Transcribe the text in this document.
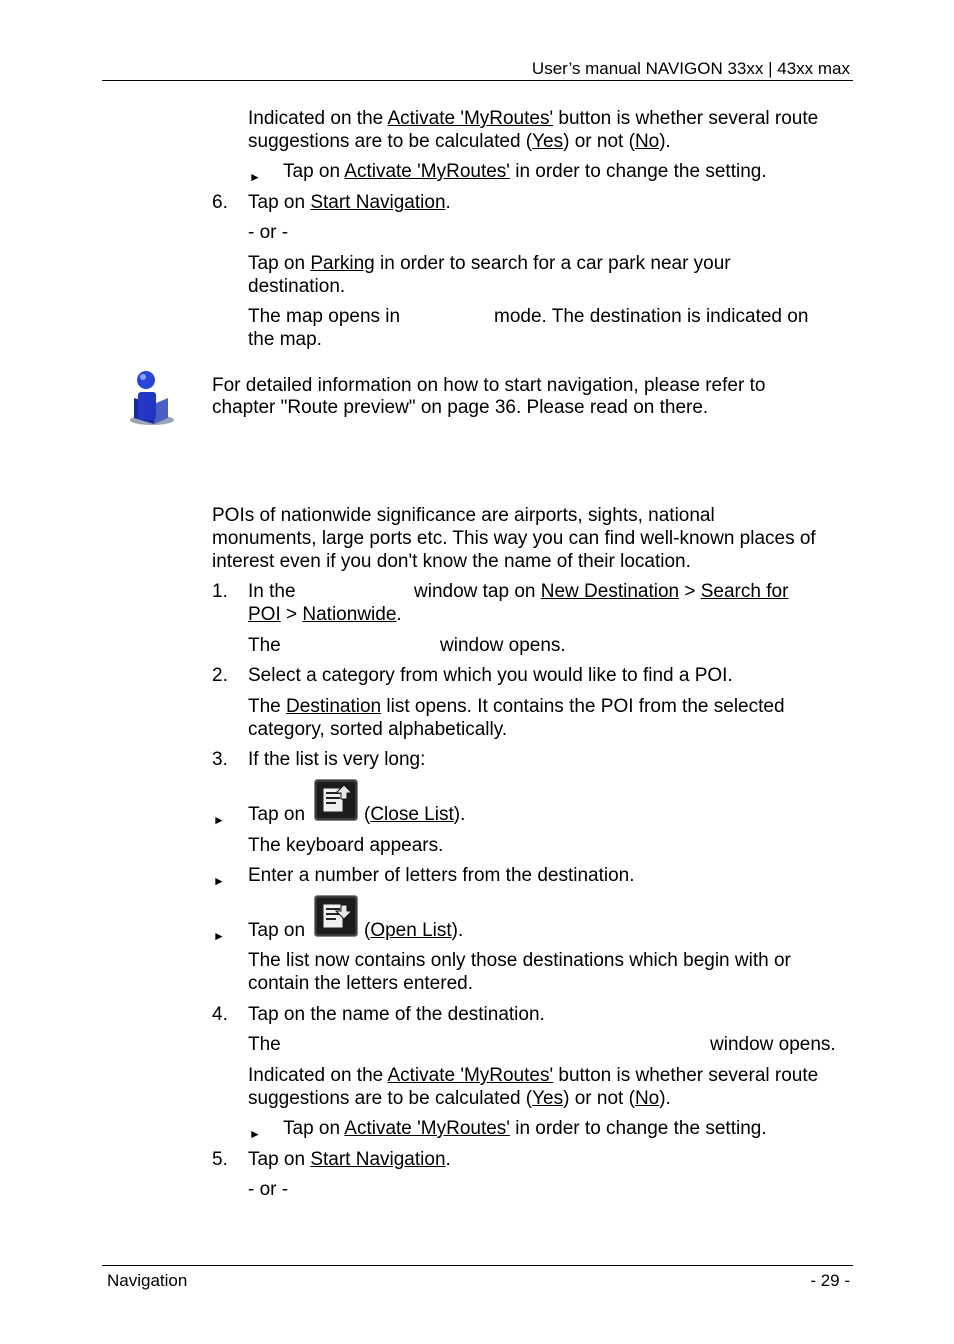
User’s manual NAVIGON 33xx | 43xx max
Indicated on the Activate 'MyRoutes' button is whether several route
suggestions are to be calculated (Yes) or not (No).
► Tap on Activate 'MyRoutes' in order to change the setting.
6. Tap on Start Navigation.
- or -
Tap on Parking in order to search for a car park near your
destination.
The map opens in	mode. The destination is indicated on
the map.
For detailed information on how to start navigation, please refer to
chapter "Route preview" on page 36. Please read on there.
POIs of nationwide significance are airports, sights, national
monuments, large ports etc. This way you can find well-known places of
interest even if you don't know the name of their location.
1. In the	window tap on New Destination > Search for
POI > Nationwide.
The	window opens.
2. Select a category from which you would like to find a POI.
The Destination list opens. It contains the POI from the selected
category, sorted alphabetically.
3. If the list is very long:
► Tap on	(Close List).
The keyboard appears.
► Enter a number of letters from the destination.
► Tap on	(Open List).
The list now contains only those destinations which begin with or
contain the letters entered.
4. Tap on the name of the destination.
The	window opens.
Indicated on the Activate 'MyRoutes' button is whether several route
suggestions are to be calculated (Yes) or not (No).
► Tap on Activate 'MyRoutes' in order to change the setting.
5. Tap on Start Navigation.
- or -
Navigation	- 29 -
